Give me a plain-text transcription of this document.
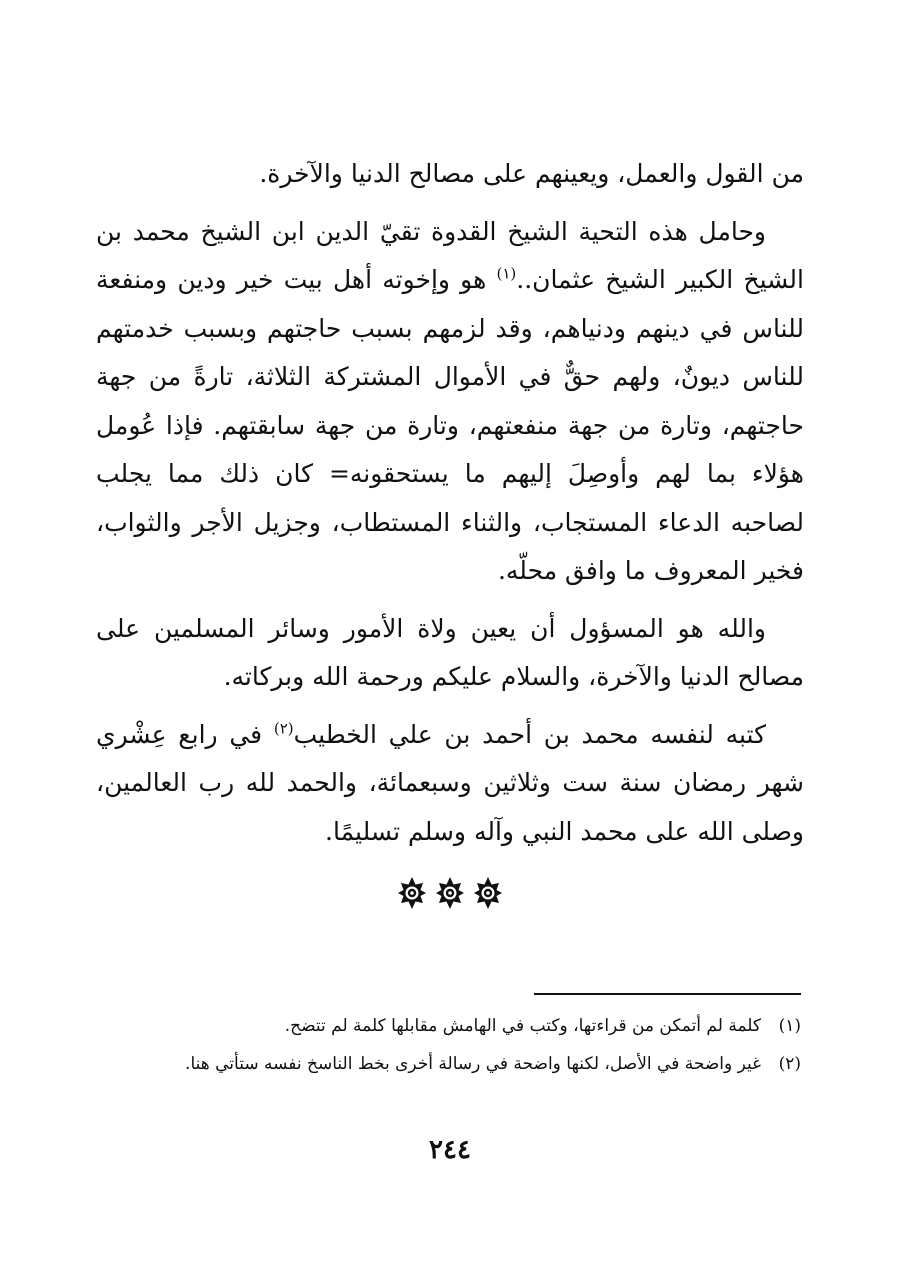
من القول والعمل، ويعينهم على مصالح الدنيا والآخرة.

وحامل هذه التحية الشيخ القدوة تقيّ الدين ابن الشيخ محمد بن الشيخ الكبير الشيخ عثمان..$^{(١)}$ هو وإخوته أهل بيت خير ودين ومنفعة للناس في دينهم ودنياهم، وقد لزمهم بسبب حاجتهم وبسبب خدمتهم للناس ديونٌ، ولهم حقٌّ في الأموال المشتركة الثلاثة، تارةً من جهة حاجتهم، وتارة من جهة منفعتهم، وتارة من جهة سابقتهم. فإذا عُومل هؤلاء بما لهم وأوصِلَ إليهم ما يستحقونه= كان ذلك مما يجلب لصاحبه الدعاء المستجاب، والثناء المستطاب، وجزيل الأجر والثواب، فخير المعروف ما وافق محلّه.

والله هو المسؤول أن يعين ولاة الأمور وسائر المسلمين على مصالح الدنيا والآخرة، والسلام عليكم ورحمة الله وبركاته.

كتبه لنفسه محمد بن أحمد بن علي الخطيب$^{(٢)}$ في رابع عِشْري شهر رمضان سنة ست وثلاثين وسبعمائة، والحمد لله رب العالمين، وصلى الله على محمد النبي وآله وسلم تسليمًا.

(١)
كلمة لم أتمكن من قراءتها، وكتب في الهامش مقابلها كلمة لم تتضح.
(٢)
غير واضحة في الأصل، لكنها واضحة في رسالة أخرى بخط الناسخ نفسه ستأتي هنا.
٢٤٤
